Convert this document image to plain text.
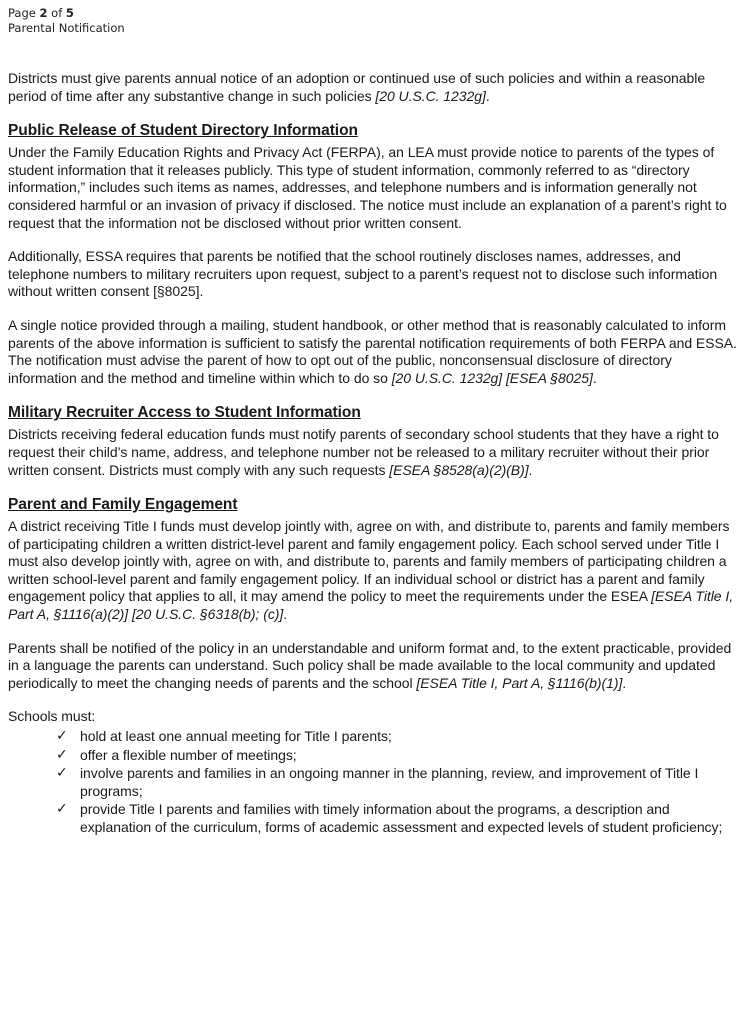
Page 2 of 5
Parental Notification

Districts must give parents annual notice of an adoption or continued use of such policies and within a reasonable period of time after any substantive change in such policies [20 U.S.C. 1232g].

Public Release of Student Directory Information

Under the Family Education Rights and Privacy Act (FERPA), an LEA must provide notice to parents of the types of student information that it releases publicly. This type of student information, commonly referred to as “directory information,” includes such items as names, addresses, and telephone numbers and is information generally not considered harmful or an invasion of privacy if disclosed. The notice must include an explanation of a parent’s right to request that the information not be disclosed without prior written consent.

Additionally, ESSA requires that parents be notified that the school routinely discloses names, addresses, and telephone numbers to military recruiters upon request, subject to a parent’s request not to disclose such information without written consent [§8025].

A single notice provided through a mailing, student handbook, or other method that is reasonably calculated to inform parents of the above information is sufficient to satisfy the parental notification requirements of both FERPA and ESSA. The notification must advise the parent of how to opt out of the public, nonconsensual disclosure of directory information and the method and timeline within which to do so [20 U.S.C. 1232g] [ESEA §8025].

Military Recruiter Access to Student Information

Districts receiving federal education funds must notify parents of secondary school students that they have a right to request their child’s name, address, and telephone number not be released to a military recruiter without their prior written consent. Districts must comply with any such requests [ESEA §8528(a)(2)(B)].

Parent and Family Engagement

A district receiving Title I funds must develop jointly with, agree on with, and distribute to, parents and family members of participating children a written district-level parent and family engagement policy. Each school served under Title I must also develop jointly with, agree on with, and distribute to, parents and family members of participating children a written school-level parent and family engagement policy. If an individual school or district has a parent and family engagement policy that applies to all, it may amend the policy to meet the requirements under the ESEA [ESEA Title I, Part A, §1116(a)(2)] [20 U.S.C. §6318(b); (c)].

Parents shall be notified of the policy in an understandable and uniform format and, to the extent practicable, provided in a language the parents can understand. Such policy shall be made available to the local community and updated periodically to meet the changing needs of parents and the school [ESEA Title I, Part A, §1116(b)(1)].

Schools must:

✓ hold at least one annual meeting for Title I parents;
✓ offer a flexible number of meetings;
✓ involve parents and families in an ongoing manner in the planning, review, and improvement of Title I programs;
✓ provide Title I parents and families with timely information about the programs, a description and explanation of the curriculum, forms of academic assessment and expected levels of student proficiency;
